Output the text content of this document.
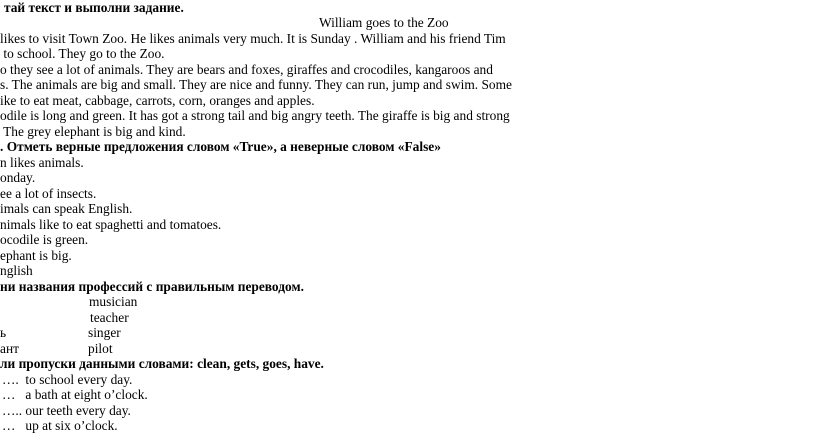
тай текст и выполни задание.
William goes to the Zoo
likes to visit Town Zoo. He likes animals very much. It is Sunday . William and his friend Tim
to school. They go to the Zoo.
o they see a lot of animals. They are bears and foxes, giraffes and crocodiles, kangaroos and
s. The animals are big and small. They are nice and funny. They can run, jump and swim. Some
ike to eat meat, cabbage, carrots, corn, oranges and apples.
odile is long and green. It has got a strong tail and big angry teeth. The giraffe is big and strong
The grey elephant is big and kind.
. Отметь верные предложения словом «True», а неверные словом «False»
n likes animals.
onday.
ee a lot of insects.
imals can speak English.
nimals like to eat spaghetti and tomatoes.
ocodile is green.
ephant is big.
nglish
ни названия профессий с правильным переводом.
musician
teacher
ь	singer
ант	pilot
ли пропуски данными словами: clean, gets, goes, have.
….  to school every day.
…   a bath at eight o’clock.
….. our teeth every day.
…   up at six o’clock.
